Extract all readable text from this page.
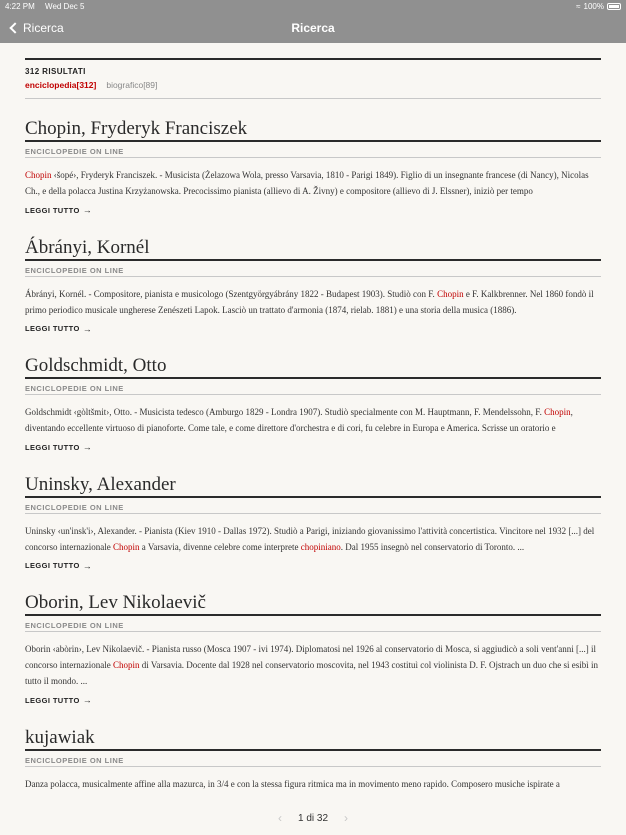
4:22 PM Wed Dec 5	≈ 100%
Ricerca	Ricerca
312 RISULTATI
enciclopedia[312] biografico[89]
Chopin, Fryderyk Franciszek
ENCICLOPEDIE ON LINE
Chopin ‹šopé›, Fryderyk Franciszek. - Musicista (Żelazowa Wola, presso Varsavia, 1810 - Parigi 1849). Figlio di un insegnante francese (di Nancy), Nicolas Ch., e della polacca Justina Krzyżanowska. Precocissimo pianista (allievo di A. Živny) e compositore (allievo di J. Elssner), iniziò per tempo
LEGGI TUTTO →
Ábrányi, Kornél
ENCICLOPEDIE ON LINE
Ábrányi, Kornél. - Compositore, pianista e musicologo (Szentgyörgyábrány 1822 - Budapest 1903). Studiò con F. Chopin e F. Kalkbrenner. Nel 1860 fondò il primo periodico musicale ungherese Zenészeti Lapok. Lasciò un trattato d'armonia (1874, rielab. 1881) e una storia della musica (1886).
LEGGI TUTTO →
Goldschmidt, Otto
ENCICLOPEDIE ON LINE
Goldschmidt ‹gòltšmit›, Otto. - Musicista tedesco (Amburgo 1829 - Londra 1907). Studiò specialmente con M. Hauptmann, F. Mendelssohn, F. Chopin, diventando eccellente virtuoso di pianoforte. Come tale, e come direttore d'orchestra e di cori, fu celebre in Europa e America. Scrisse un oratorio e
LEGGI TUTTO →
Uninsky, Alexander
ENCICLOPEDIE ON LINE
Uninsky ‹un'insk'i›, Alexander. - Pianista (Kiev 1910 - Dallas 1972). Studiò a Parigi, iniziando giovanissimo l'attività concertistica. Vincitore nel 1932 [...] del concorso internazionale Chopin a Varsavia, divenne celebre come interprete chopiniano. Dal 1955 insegnò nel conservatorio di Toronto. ...
LEGGI TUTTO →
Oborin, Lev Nikolaevič
ENCICLOPEDIE ON LINE
Oborin ‹abòrin›, Lev Nikolaevič. - Pianista russo (Mosca 1907 - ivi 1974). Diplomatosi nel 1926 al conservatorio di Mosca, si aggiudicò a soli vent'anni [...] il concorso internazionale Chopin di Varsavia. Docente dal 1928 nel conservatorio moscovita, nel 1943 costituì col violinista D. F. Ojstrach un duo che si esibì in tutto il mondo. ...
LEGGI TUTTO →
kujawiak
ENCICLOPEDIE ON LINE
Danza polacca, musicalmente affine alla mazurca, in 3/4 e con la stessa figura ritmica ma in movimento meno rapido. Composero musiche ispirate a
‹ 1 di 32 ›
